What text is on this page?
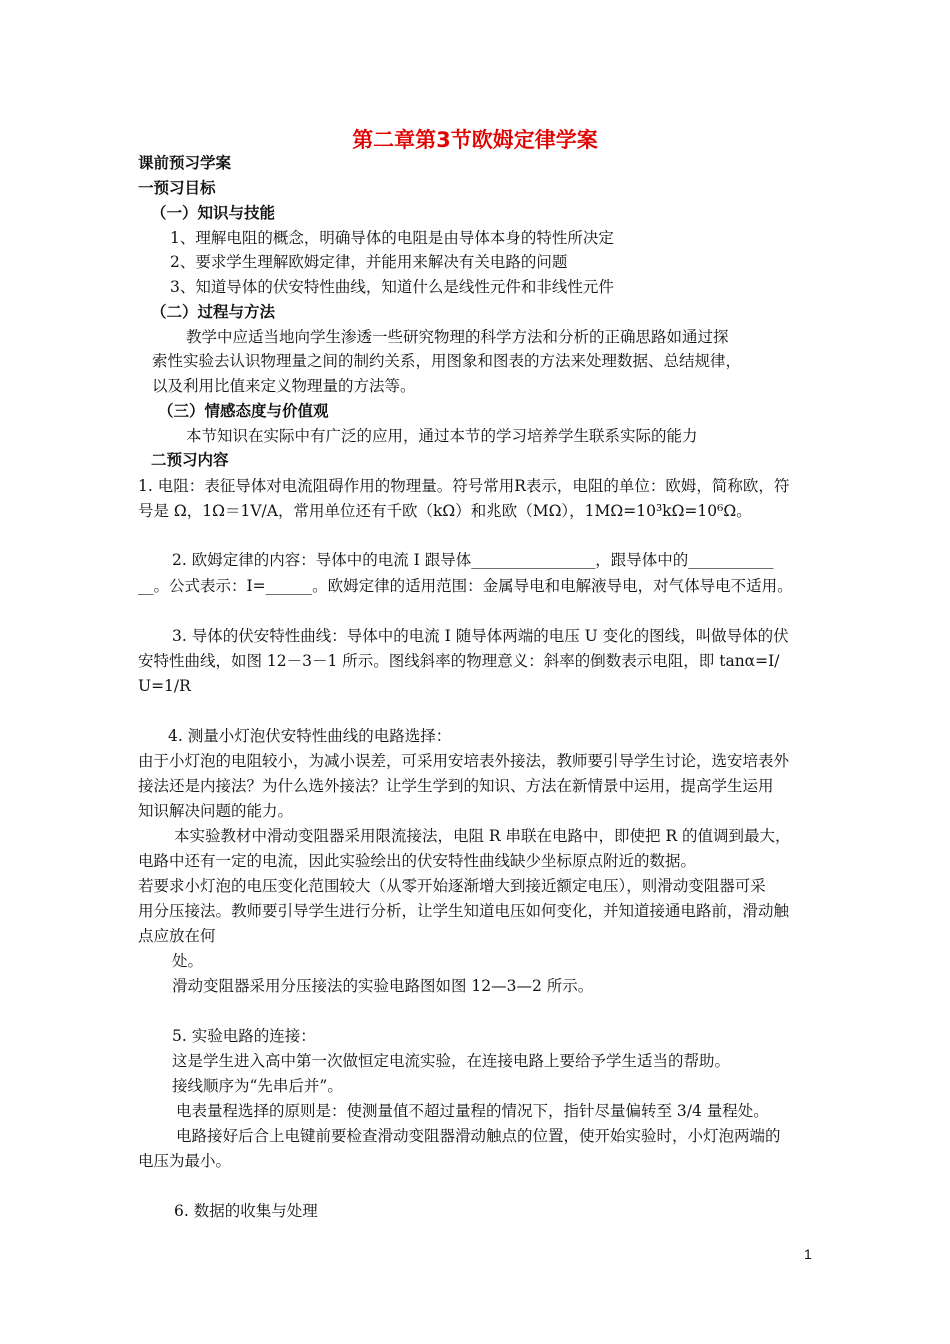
第二章第3节欧姆定律学案
课前预习学案
一预习目标
（一）知识与技能
1、理解电阻的概念，明确导体的电阻是由导体本身的特性所决定
2、要求学生理解欧姆定律，并能用来解决有关电路的问题
3、知道导体的伏安特性曲线，知道什么是线性元件和非线性元件
（二）过程与方法
教学中应适当地向学生渗透一些研究物理的科学方法和分析的正确思路如通过探
索性实验去认识物理量之间的制约关系，用图象和图表的方法来处理数据、总结规律，
以及利用比值来定义物理量的方法等。
（三）情感态度与价值观
本节知识在实际中有广泛的应用，通过本节的学习培养学生联系实际的能力
二预习内容
1. 电阻：表征导体对电流阻碍作用的物理量。符号常用R表示，电阻的单位：欧姆，简称欧，符
号是 Ω，1Ω＝1V/A，常用单位还有千欧（kΩ）和兆欧（MΩ），1MΩ=10³kΩ=10⁶Ω。
2. 欧姆定律的内容：导体中的电流 I 跟导体________________，跟导体中的___________
__。公式表示：I=______。欧姆定律的适用范围：金属导电和电解液导电，对气体导电不适用。
3. 导体的伏安特性曲线：导体中的电流 I 随导体两端的电压 U 变化的图线，叫做导体的伏
安特性曲线，如图 12－3－1 所示。图线斜率的物理意义：斜率的倒数表示电阻，即 tanα=I/
U=1/R
4. 测量小灯泡伏安特性曲线的电路选择：
由于小灯泡的电阻较小，为减小误差，可采用安培表外接法，教师要引导学生讨论，选安培表外
接法还是内接法？为什么选外接法？让学生学到的知识、方法在新情景中运用，提高学生运用
知识解决问题的能力。
本实验教材中滑动变阻器采用限流接法，电阻 R 串联在电路中，即使把 R 的值调到最大，
电路中还有一定的电流，因此实验绘出的伏安特性曲线缺少坐标原点附近的数据。
若要求小灯泡的电压变化范围较大（从零开始逐渐增大到接近额定电压），则滑动变阻器可采
用分压接法。教师要引导学生进行分析，让学生知道电压如何变化，并知道接通电路前，滑动触
点应放在何
处。
滑动变阻器采用分压接法的实验电路图如图 12—3—2 所示。
5. 实验电路的连接：
这是学生进入高中第一次做恒定电流实验，在连接电路上要给予学生适当的帮助。
接线顺序为“先串后并”。
电表量程选择的原则是：使测量值不超过量程的情况下，指针尽量偏转至 3/4 量程处。
电路接好后合上电键前要检查滑动变阻器滑动触点的位置，使开始实验时，小灯泡两端的
电压为最小。
6. 数据的收集与处理
1
